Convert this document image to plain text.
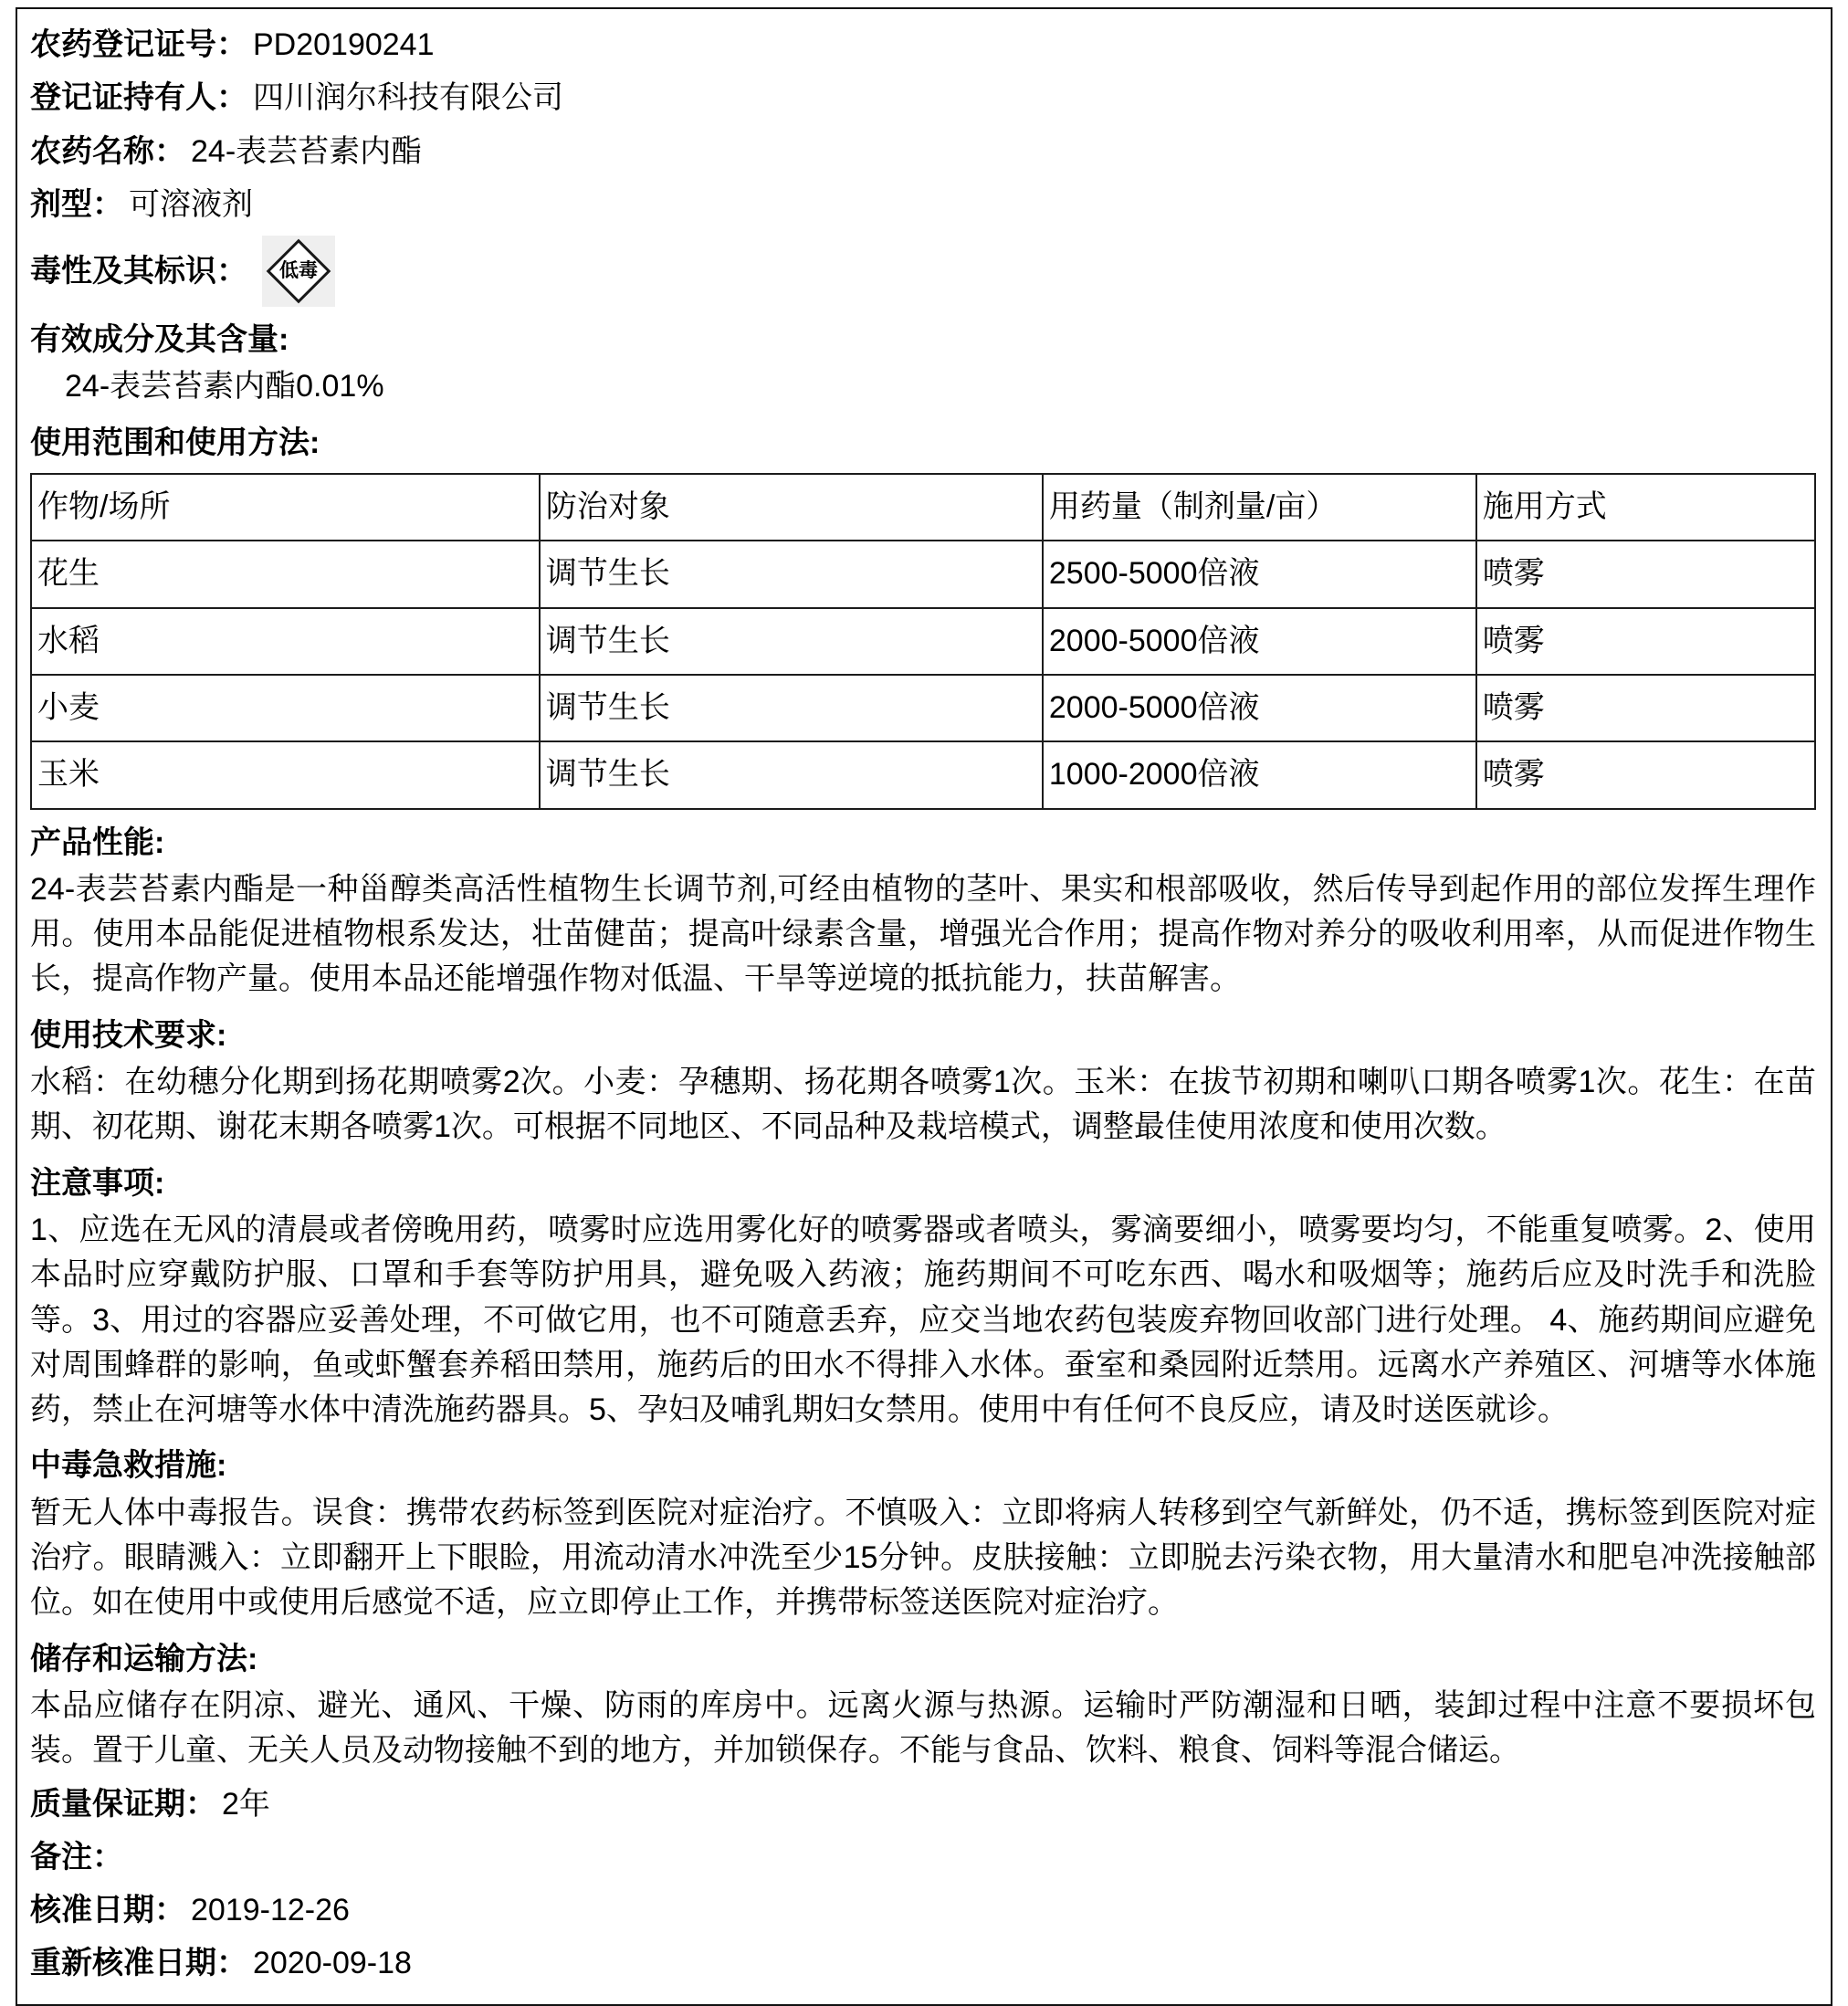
农药登记证号： PD20190241

登记证持有人： 四川润尔科技有限公司

农药名称： 24-表芸苔素内酯

剂型： 可溶液剂

毒性及其标识： 低毒

有效成分及其含量:

24-表芸苔素内酯0.01%

使用范围和使用方法:

作物/场所	防治对象	用药量（制剂量/亩）	施用方式
花生	调节生长	2500-5000倍液	喷雾
水稻	调节生长	2000-5000倍液	喷雾
小麦	调节生长	2000-5000倍液	喷雾
玉米	调节生长	1000-2000倍液	喷雾

产品性能:

24-表芸苔素内酯是一种甾醇类高活性植物生长调节剂,可经由植物的茎叶、果实和根部吸收，然后传导到起作用的部位发挥生理作用。使用本品能促进植物根系发达，壮苗健苗；提高叶绿素含量，增强光合作用；提高作物对养分的吸收利用率，从而促进作物生长，提高作物产量。使用本品还能增强作物对低温、干旱等逆境的抵抗能力，扶苗解害。

使用技术要求:

水稻：在幼穗分化期到扬花期喷雾2次。小麦：孕穗期、扬花期各喷雾1次。玉米：在拔节初期和喇叭口期各喷雾1次。花生：在苗期、初花期、谢花末期各喷雾1次。可根据不同地区、不同品种及栽培模式，调整最佳使用浓度和使用次数。

注意事项:

1、应选在无风的清晨或者傍晚用药，喷雾时应选用雾化好的喷雾器或者喷头，雾滴要细小，喷雾要均匀，不能重复喷雾。2、使用本品时应穿戴防护服、口罩和手套等防护用具，避免吸入药液；施药期间不可吃东西、喝水和吸烟等；施药后应及时洗手和洗脸等。3、用过的容器应妥善处理，不可做它用，也不可随意丢弃，应交当地农药包装废弃物回收部门进行处理。 4、施药期间应避免对周围蜂群的影响，鱼或虾蟹套养稻田禁用，施药后的田水不得排入水体。蚕室和桑园附近禁用。远离水产养殖区、河塘等水体施药，禁止在河塘等水体中清洗施药器具。5、孕妇及哺乳期妇女禁用。使用中有任何不良反应，请及时送医就诊。

中毒急救措施:

暂无人体中毒报告。误食：携带农药标签到医院对症治疗。不慎吸入：立即将病人转移到空气新鲜处，仍不适，携标签到医院对症治疗。眼睛溅入：立即翻开上下眼睑，用流动清水冲洗至少15分钟。皮肤接触：立即脱去污染衣物，用大量清水和肥皂冲洗接触部位。如在使用中或使用后感觉不适，应立即停止工作，并携带标签送医院对症治疗。

储存和运输方法:

本品应储存在阴凉、避光、通风、干燥、防雨的库房中。远离火源与热源。运输时严防潮湿和日晒，装卸过程中注意不要损坏包装。置于儿童、无关人员及动物接触不到的地方，并加锁保存。不能与食品、饮料、粮食、饲料等混合储运。

质量保证期： 2年

备注：

核准日期： 2019-12-26

重新核准日期： 2020-09-18
